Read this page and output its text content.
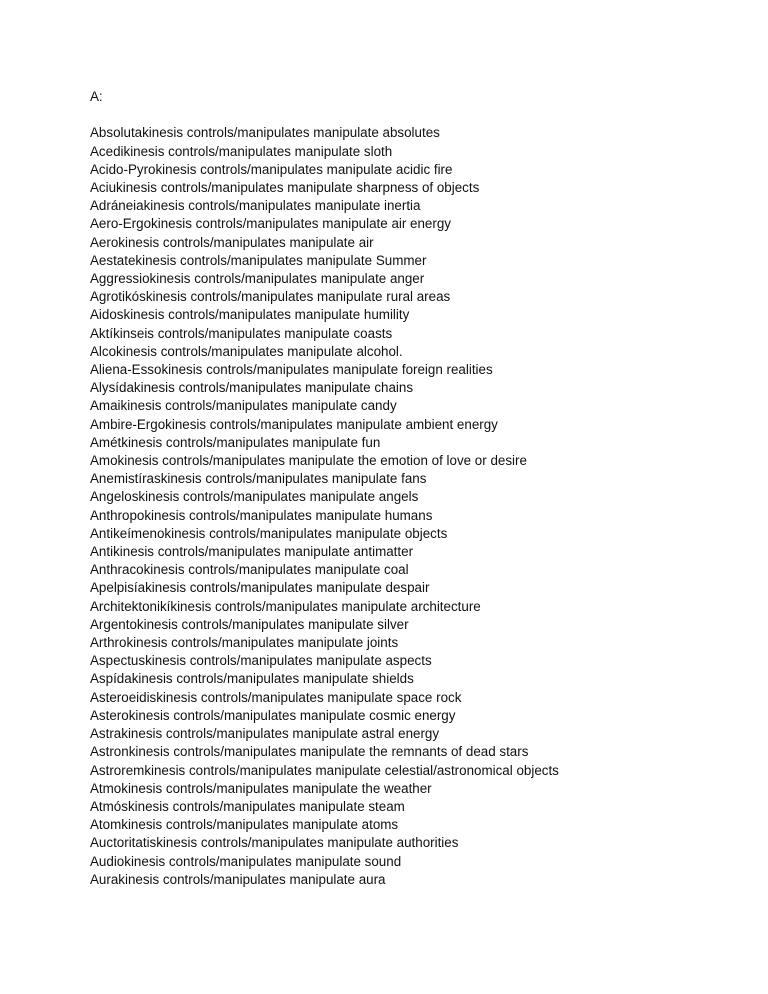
A:

Absolutakinesis controls/manipulates manipulate absolutes
Acedikinesis controls/manipulates manipulate sloth
Acido-Pyrokinesis controls/manipulates manipulate acidic fire
Aciukinesis controls/manipulates manipulate sharpness of objects
Adráneiakinesis controls/manipulates manipulate inertia
Aero-Ergokinesis controls/manipulates manipulate air energy
Aerokinesis controls/manipulates manipulate air
Aestatekinesis controls/manipulates manipulate Summer
Aggressiokinesis controls/manipulates manipulate anger
Agrotikóskinesis controls/manipulates manipulate rural areas
Aidoskinesis controls/manipulates manipulate humility
Aktíkinseis controls/manipulates manipulate coasts
Alcokinesis controls/manipulates manipulate alcohol.
Aliena-Essokinesis controls/manipulates manipulate foreign realities
Alysídakinesis controls/manipulates manipulate chains
Amaikinesis controls/manipulates manipulate candy
Ambire-Ergokinesis controls/manipulates manipulate ambient energy
Amétkinesis controls/manipulates manipulate fun
Amokinesis controls/manipulates manipulate the emotion of love or desire
Anemistíraskinesis controls/manipulates manipulate fans
Angeloskinesis controls/manipulates manipulate angels
Anthropokinesis controls/manipulates manipulate humans
Antikeímenokinesis controls/manipulates manipulate objects
Antikinesis controls/manipulates manipulate antimatter
Anthracokinesis controls/manipulates manipulate coal
Apelpisíakinesis controls/manipulates manipulate despair
Architektonikíkinesis controls/manipulates manipulate architecture
Argentokinesis controls/manipulates manipulate silver
Arthrokinesis controls/manipulates manipulate joints
Aspectuskinesis controls/manipulates manipulate aspects
Aspídakinesis controls/manipulates manipulate shields
Asteroeidiskinesis controls/manipulates manipulate space rock
Asterokinesis controls/manipulates manipulate cosmic energy
Astrakinesis controls/manipulates manipulate astral energy
Astronkinesis controls/manipulates manipulate the remnants of dead stars
Astroremkinesis controls/manipulates manipulate celestial/astronomical objects
Atmokinesis controls/manipulates manipulate the weather
Atmóskinesis controls/manipulates manipulate steam
Atomkinesis controls/manipulates manipulate atoms
Auctoritatiskinesis controls/manipulates manipulate authorities
Audiokinesis controls/manipulates manipulate sound
Aurakinesis controls/manipulates manipulate aura
